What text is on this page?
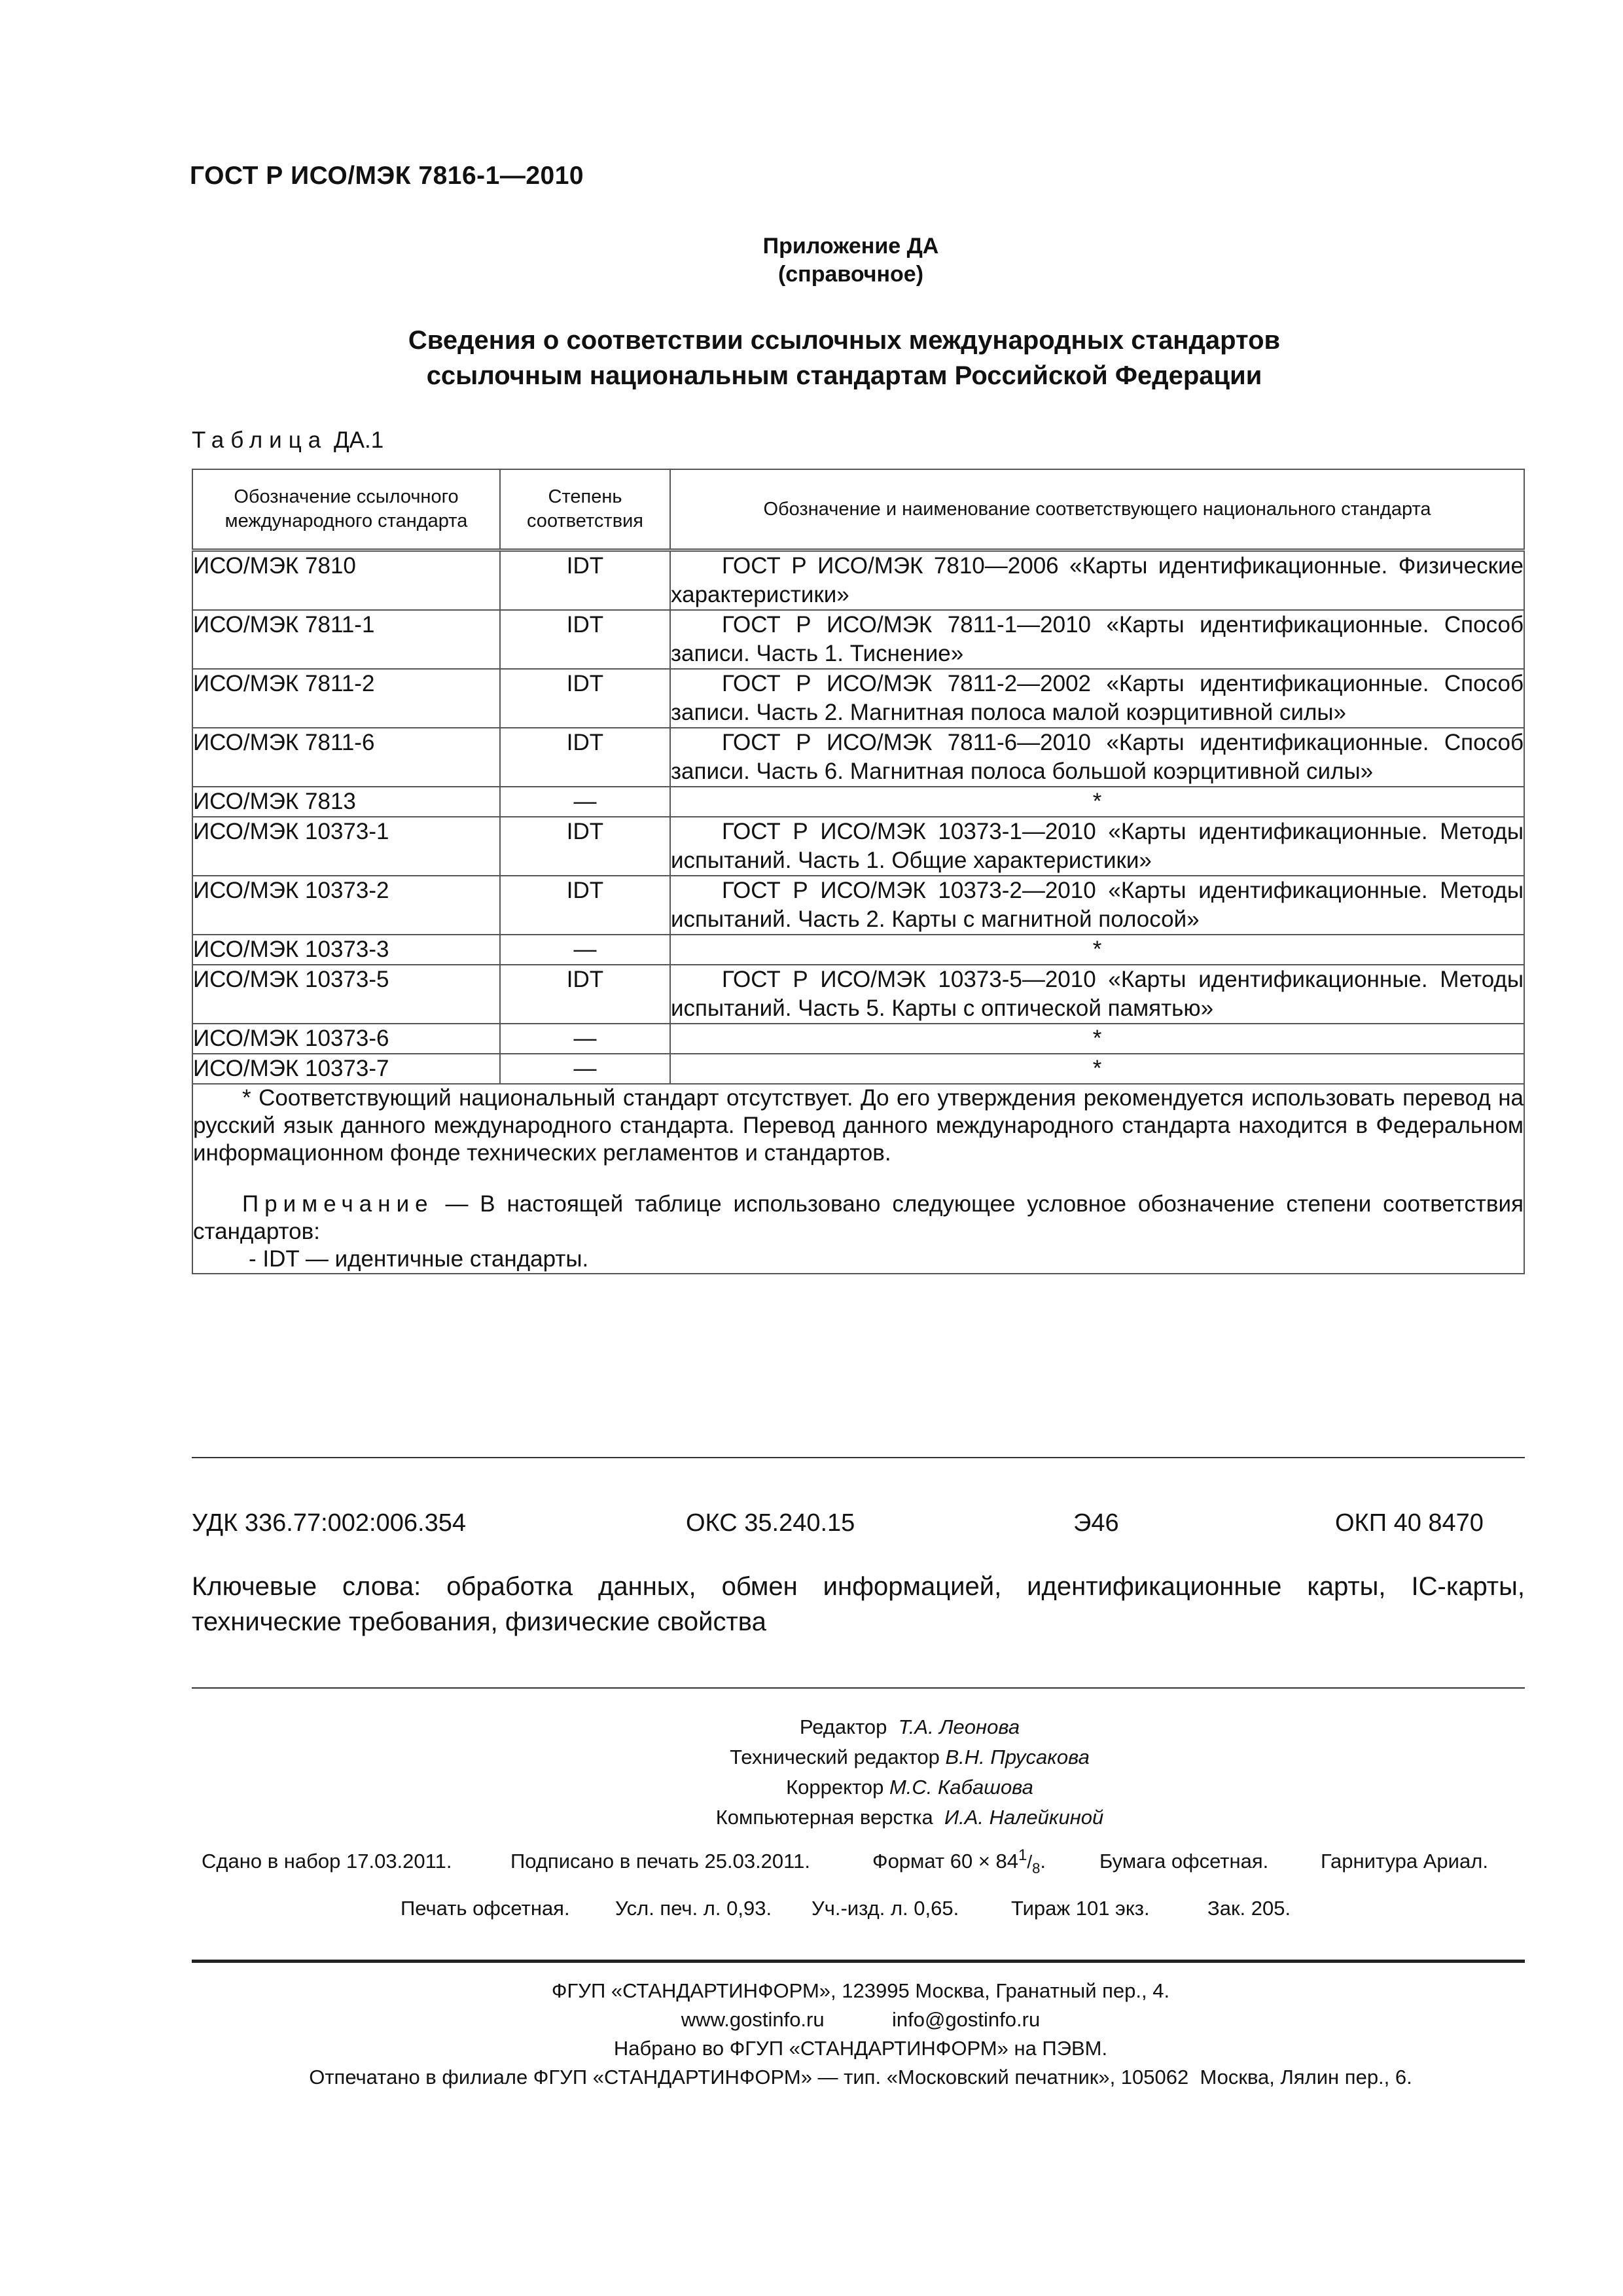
ГОСТ Р ИСО/МЭК 7816-1—2010
Приложение ДА
(справочное)
Сведения о соответствии ссылочных международных стандартов
ссылочным национальным стандартам Российской Федерации
Таблица ДА.1
Обозначение ссылочного международного стандарта	Степень соответствия	Обозначение и наименование соответствующего национального стандарта
ИСО/МЭК 7810	IDT	ГОСТ Р ИСО/МЭК 7810—2006 «Карты идентификационные. Физические характеристики»

ИСО/МЭК 7811-1	IDT	ГОСТ Р ИСО/МЭК 7811-1—2010 «Карты идентификационные. Способ записи. Часть 1. Тиснение»

ИСО/МЭК 7811-2	IDT	ГОСТ Р ИСО/МЭК 7811-2—2002 «Карты идентификационные. Способ записи. Часть 2. Магнитная полоса малой коэрцитивной силы»

ИСО/МЭК 7811-6	IDT	ГОСТ Р ИСО/МЭК 7811-6—2010 «Карты идентификационные. Способ записи. Часть 6. Магнитная полоса большой коэрцитивной силы»

ИСО/МЭК 7813	—	*
ИСО/МЭК 10373-1	IDT	ГОСТ Р ИСО/МЭК 10373-1—2010 «Карты идентификационные. Методы испытаний. Часть 1. Общие характеристики»

ИСО/МЭК 10373-2	IDT	ГОСТ Р ИСО/МЭК 10373-2—2010 «Карты идентификационные. Методы испытаний. Часть 2. Карты с магнитной полосой»

ИСО/МЭК 10373-3	—	*
ИСО/МЭК 10373-5	IDT	ГОСТ Р ИСО/МЭК 10373-5—2010 «Карты идентификационные. Методы испытаний. Часть 5. Карты с оптической памятью»

ИСО/МЭК 10373-6	—	*
ИСО/МЭК 10373-7	—	*

* Соответствующий национальный стандарт отсутствует. До его утверждения рекомендуется использовать перевод на русский язык данного международного стандарта. Перевод данного международного стандарта находится в Федеральном информационном фонде технических регламентов и стандартов.

Примечание — В настоящей таблице использовано следующее условное обозначение степени соответствия стандартов:

- IDT — идентичные стандарты.		

УДК 336.77:002:006.354	ОКС 35.240.15	Э46	ОКП 40 8470
Ключевые слова: обработка данных, обмен информацией, идентификационные карты, IC-карты, технические требования, физические свойства
Редактор Т.А. Леонова
Технический редактор В.Н. Прусакова
Корректор М.С. Кабашова
Компьютерная верстка И.А. Налейкиной
Сдано в набор 17.03.2011.	Подписано в печать 25.03.2011.	Формат $60 \times 84^1/_8$.	Бумага офсетная.	Гарнитура Ариал.
Печать офсетная. Усл. печ. л. 0,93. Уч.-изд. л. 0,65.	Тираж 101 экз.	Зак. 205.
ФГУП «СТАНДАРТИНФОРМ», 123995 Москва, Гранатный пер., 4.
www.gostinfo.ru	info@gostinfo.ru
Набрано во ФГУП «СТАНДАРТИНФОРМ» на ПЭВМ.
Отпечатано в филиале ФГУП «СТАНДАРТИНФОРМ» — тип. «Московский печатник», 105062  Москва, Лялин пер., 6.
